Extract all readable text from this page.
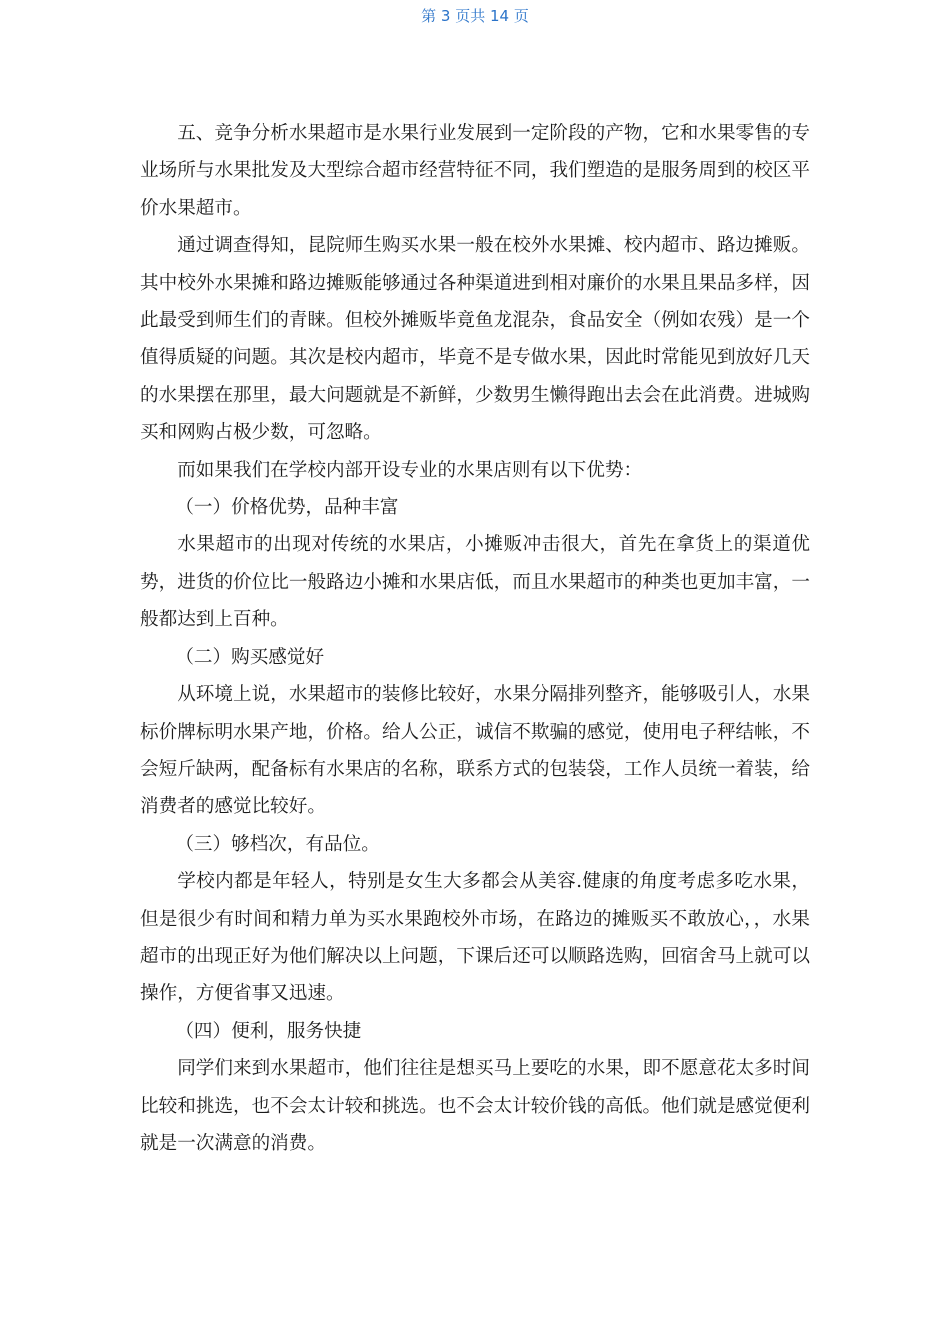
第 3 页共 14 页

五、竞争分析水果超市是水果行业发展到一定阶段的产物，它和水果零售的专业场所与水果批发及大型综合超市经营特征不同，我们塑造的是服务周到的校区平价水果超市。

通过调查得知，昆院师生购买水果一般在校外水果摊、校内超市、路边摊贩。其中校外水果摊和路边摊贩能够通过各种渠道进到相对廉价的水果且果品多样，因此最受到师生们的青睐。但校外摊贩毕竟鱼龙混杂，食品安全（例如农残）是一个值得质疑的问题。其次是校内超市，毕竟不是专做水果，因此时常能见到放好几天的水果摆在那里，最大问题就是不新鲜，少数男生懒得跑出去会在此消费。进城购买和网购占极少数，可忽略。

而如果我们在学校内部开设专业的水果店则有以下优势：

（一）价格优势，品种丰富

水果超市的出现对传统的水果店，小摊贩冲击很大，首先在拿货上的渠道优势，进货的价位比一般路边小摊和水果店低，而且水果超市的种类也更加丰富，一般都达到上百种。

（二）购买感觉好

从环境上说，水果超市的装修比较好，水果分隔排列整齐，能够吸引人，水果标价牌标明水果产地，价格。给人公正，诚信不欺骗的感觉，使用电子秤结帐，不会短斤缺两，配备标有水果店的名称，联系方式的包装袋，工作人员统一着装，给消费者的感觉比较好。

（三）够档次，有品位。

学校内都是年轻人，特别是女生大多都会从美容.健康的角度考虑多吃水果，但是很少有时间和精力单为买水果跑校外市场，在路边的摊贩买不敢放心，，水果超市的出现正好为他们解决以上问题，下课后还可以顺路选购，回宿舍马上就可以操作，方便省事又迅速。

（四）便利，服务快捷

同学们来到水果超市，他们往往是想买马上要吃的水果，即不愿意花太多时间比较和挑选，也不会太计较和挑选。也不会太计较价钱的高低。他们就是感觉便利就是一次满意的消费。
